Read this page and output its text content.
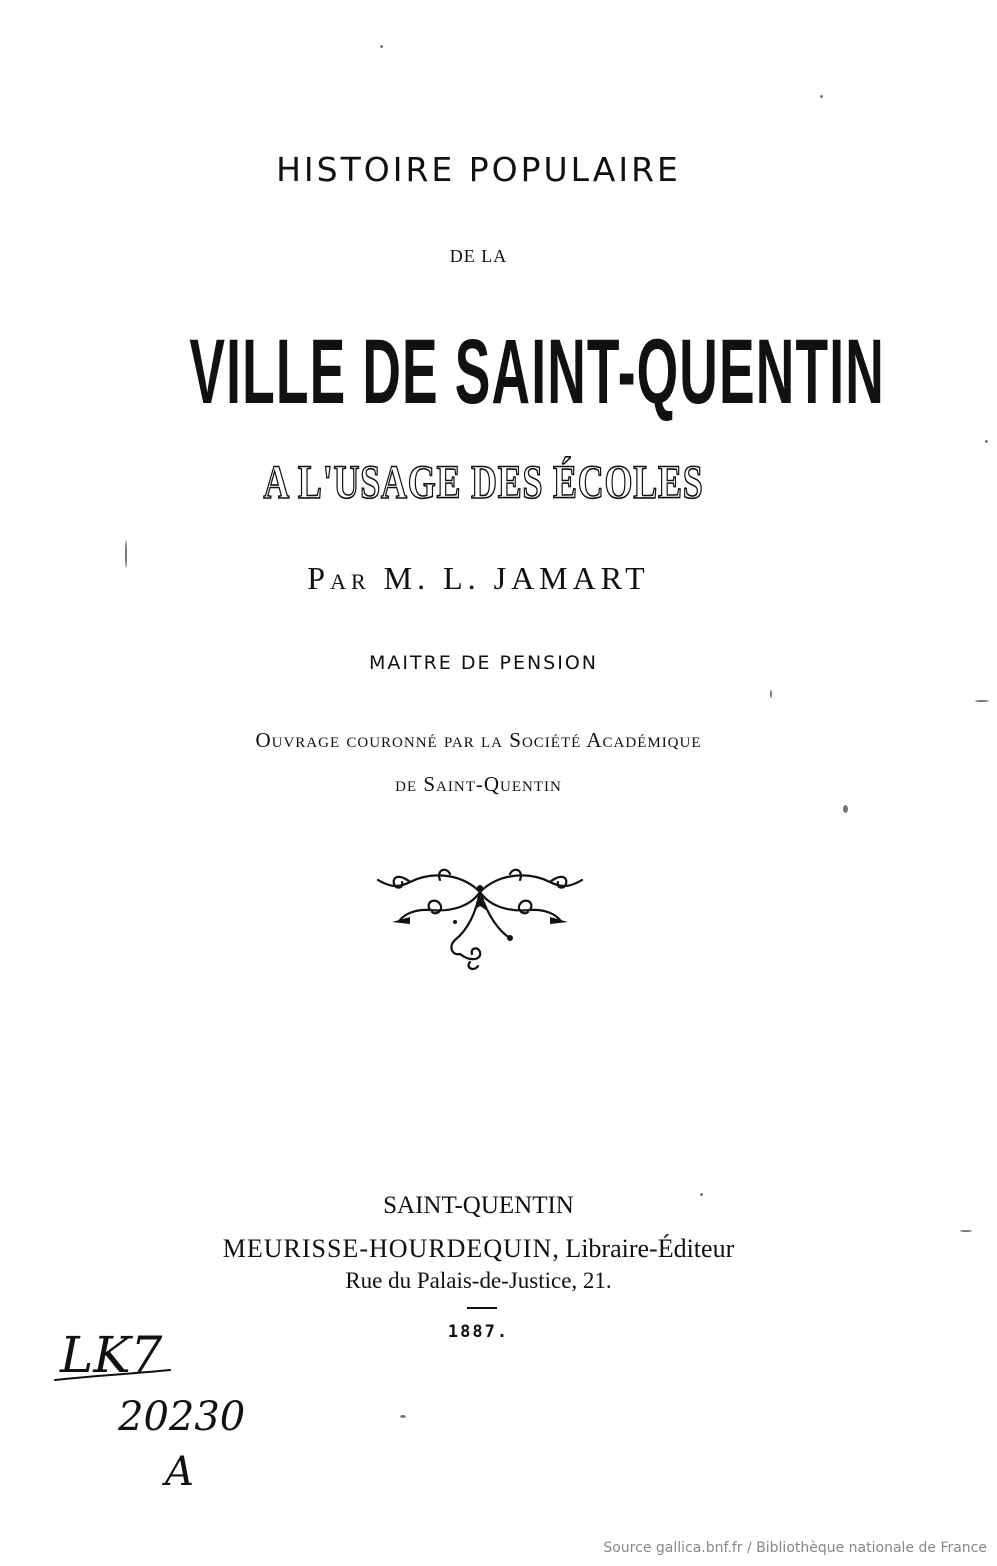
HISTOIRE POPULAIRE
DE LA
VILLE DE SAINT-QUENTIN
A L'USAGE DES ÉCOLES
Par M. L. JAMART
MAITRE DE PENSION
Ouvrage couronné par la Société Académique
de Saint-Quentin
SAINT-QUENTIN
MEURISSE-HOURDEQUIN, Libraire-Éditeur
Rue du Palais-de-Justice, 21.
1887.
LK7
20230
A
Source gallica.bnf.fr / Bibliothèque nationale de France
